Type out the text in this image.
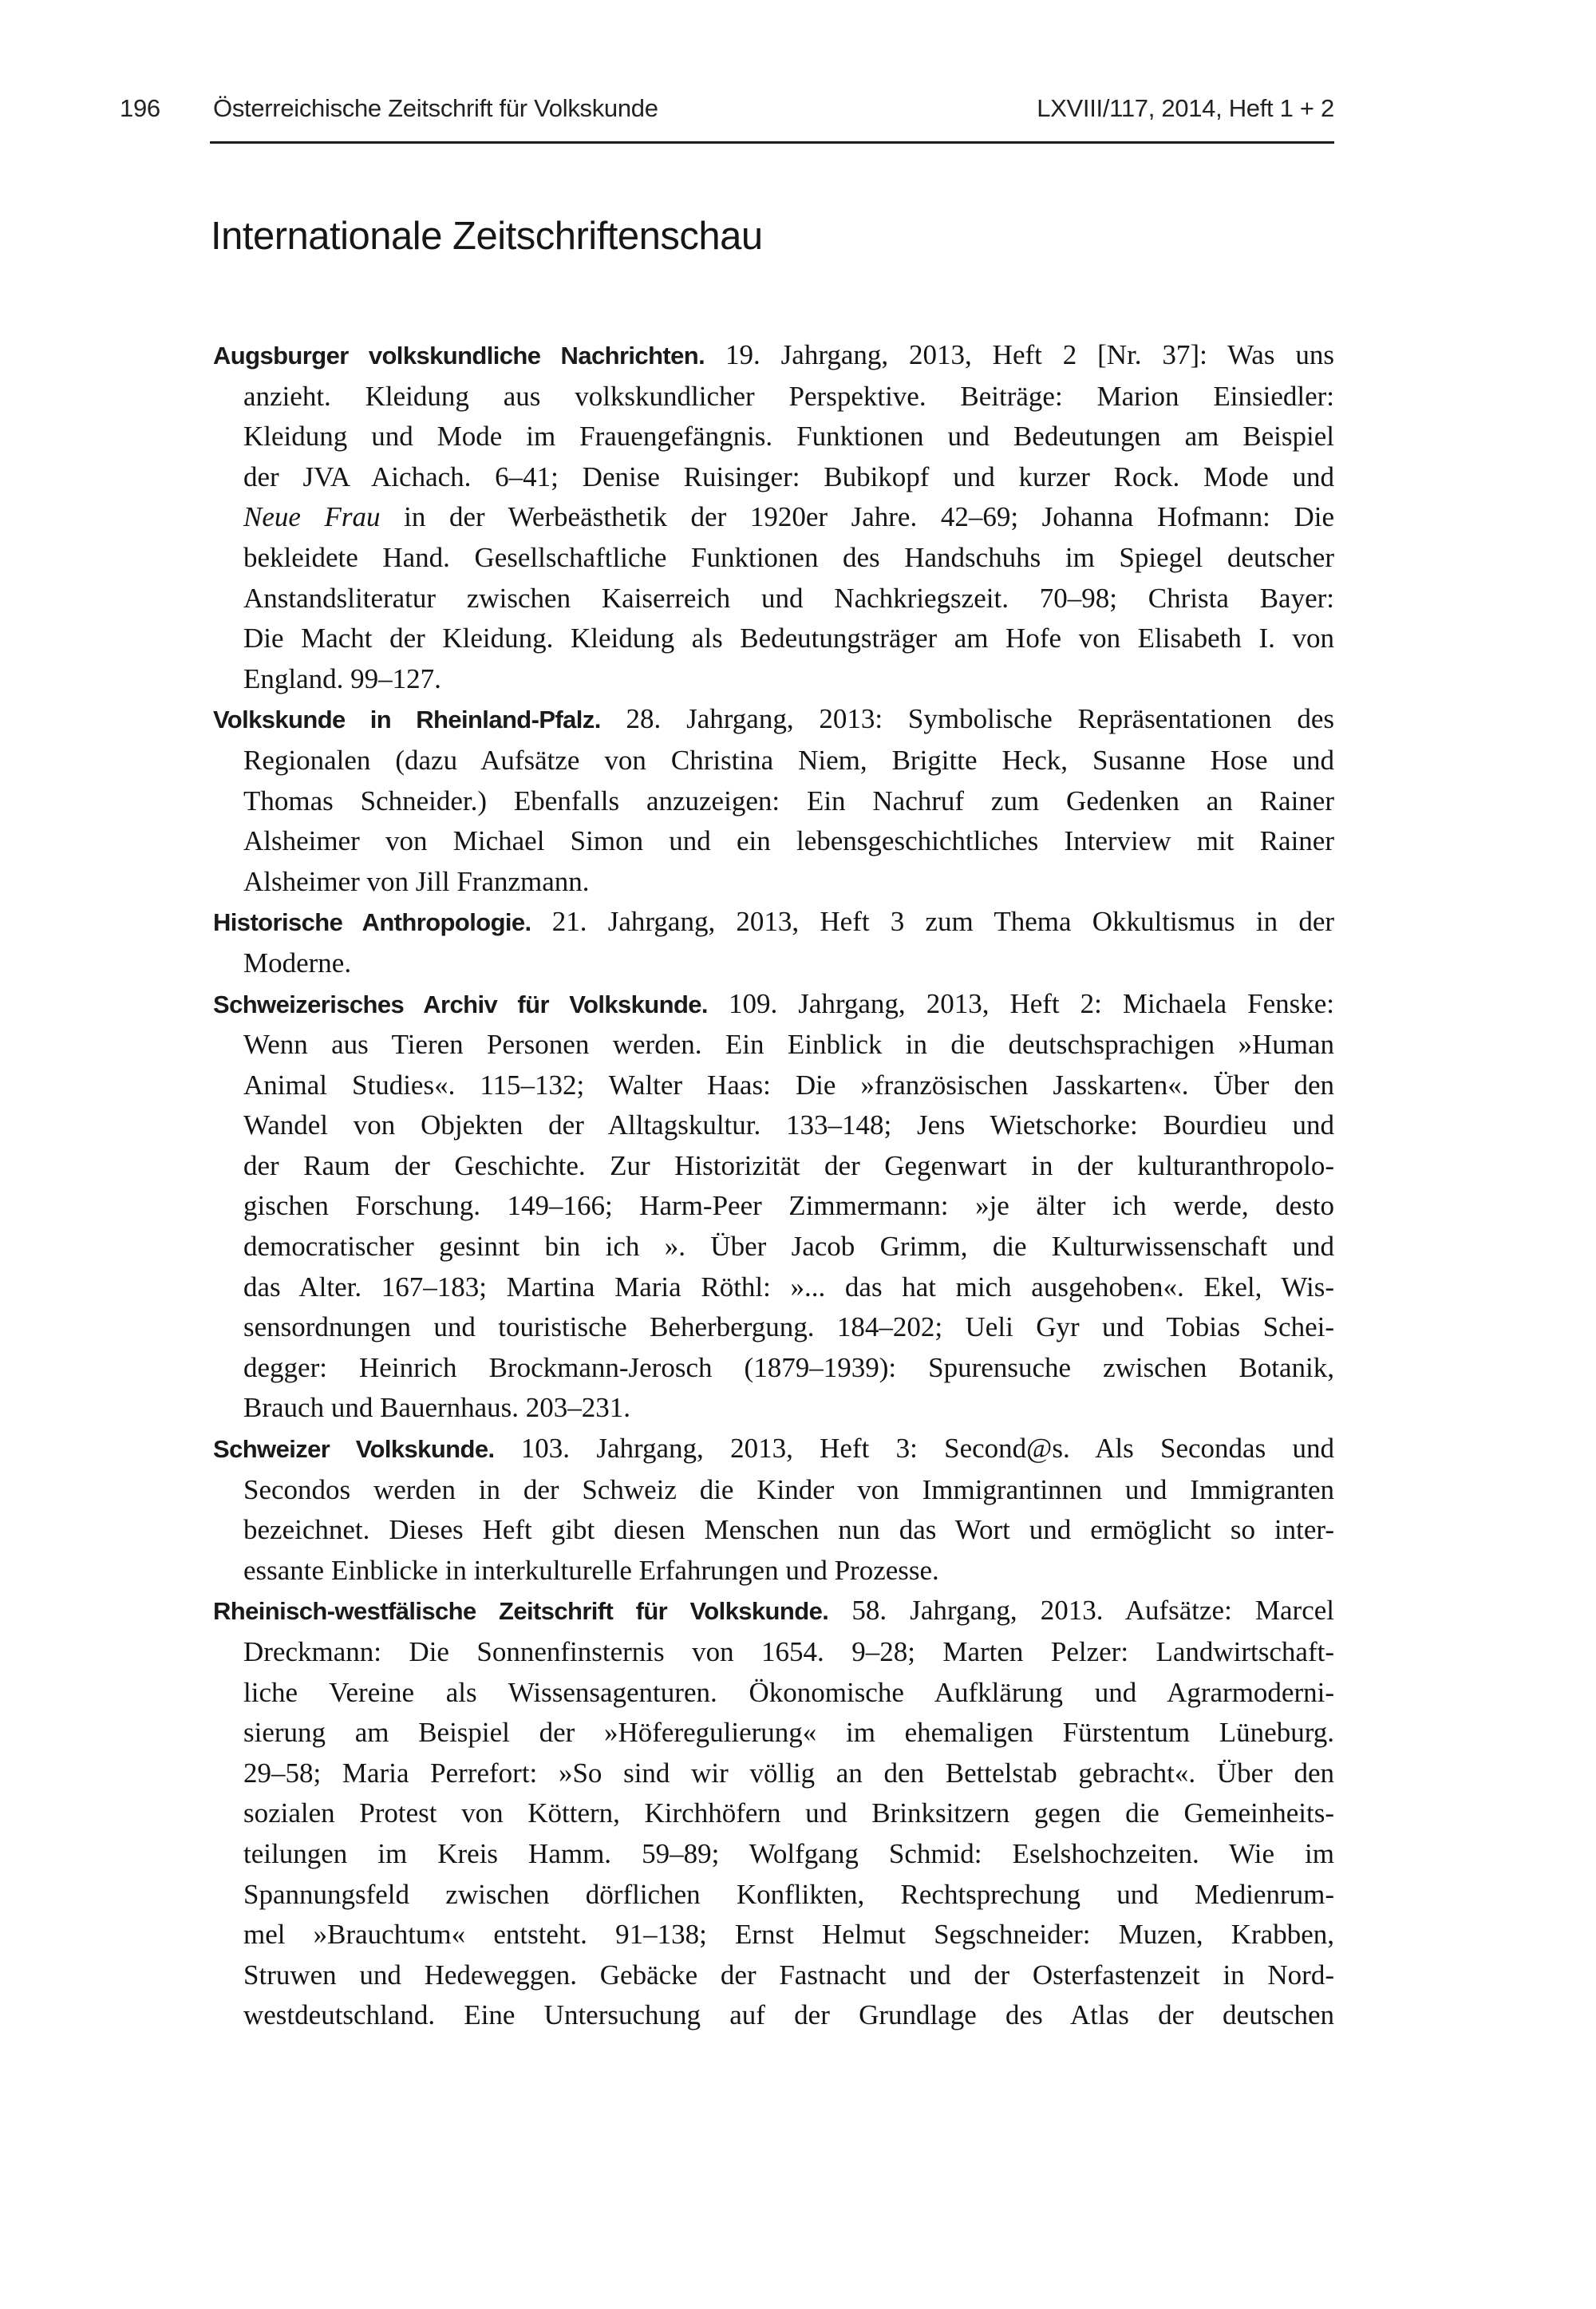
196 Österreichische Zeitschrift für Volkskunde	LXVIII/117, 2014, Heft 1 + 2
Internationale Zeitschriftenschau
Augsburger volkskundliche Nachrichten. 19. Jahrgang, 2013, Heft 2 [Nr. 37]: Was uns
anzieht. Kleidung aus volkskundlicher Perspektive. Beiträge: Marion Einsiedler:
Kleidung und Mode im Frauengefängnis. Funktionen und Bedeutungen am Beispiel
der JVA Aichach. 6–41; Denise Ruisinger: Bubikopf und kurzer Rock. Mode und
Neue Frau in der Werbeästhetik der 1920er Jahre. 42–69; Johanna Hofmann: Die
bekleidete Hand. Gesellschaftliche Funktionen des Handschuhs im Spiegel deutscher
Anstandsliteratur zwischen Kaiserreich und Nachkriegszeit. 70–98; Christa Bayer:
Die Macht der Kleidung. Kleidung als Bedeutungsträger am Hofe von Elisabeth I. von
England. 99–127.
Volkskunde in Rheinland-Pfalz. 28. Jahrgang, 2013: Symbolische Repräsentationen des
Regionalen (dazu Aufsätze von Christina Niem, Brigitte Heck, Susanne Hose und
Thomas Schneider.) Ebenfalls anzuzeigen: Ein Nachruf zum Gedenken an Rainer
Alsheimer von Michael Simon und ein lebensgeschichtliches Interview mit Rainer
Alsheimer von Jill Franzmann.
Historische Anthropologie. 21. Jahrgang, 2013, Heft 3 zum Thema Okkultismus in der
Moderne.
Schweizerisches Archiv für Volkskunde. 109. Jahrgang, 2013, Heft 2: Michaela Fenske:
Wenn aus Tieren Personen werden. Ein Einblick in die deutschsprachigen »Human
Animal Studies«. 115–132; Walter Haas: Die »französischen Jasskarten«. Über den
Wandel von Objekten der Alltagskultur. 133–148; Jens Wietschorke: Bourdieu und
der Raum der Geschichte. Zur Historizität der Gegenwart in der kulturanthropolo-
gischen Forschung. 149–166; Harm-Peer Zimmermann: »je älter ich werde, desto
democratischer gesinnt bin ich ». Über Jacob Grimm, die Kulturwissenschaft und
das Alter. 167–183; Martina Maria Röthl: »... das hat mich ausgehoben«. Ekel, Wis-
sensordnungen und touristische Beherbergung. 184–202; Ueli Gyr und Tobias Schei-
degger: Heinrich Brockmann-Jerosch (1879–1939): Spurensuche zwischen Botanik,
Brauch und Bauernhaus. 203–231.
Schweizer Volkskunde. 103. Jahrgang, 2013, Heft 3: Second@s. Als Secondas und
Secondos werden in der Schweiz die Kinder von Immigrantinnen und Immigranten
bezeichnet. Dieses Heft gibt diesen Menschen nun das Wort und ermöglicht so inter-
essante Einblicke in interkulturelle Erfahrungen und Prozesse.
Rheinisch-westfälische Zeitschrift für Volkskunde. 58. Jahrgang, 2013. Aufsätze: Marcel
Dreckmann: Die Sonnenfinsternis von 1654. 9–28; Marten Pelzer: Landwirtschaft-
liche Vereine als Wissensagenturen. Ökonomische Aufklärung und Agrarmoderni-
sierung am Beispiel der »Höferegulierung« im ehemaligen Fürstentum Lüneburg.
29–58; Maria Perrefort: »So sind wir völlig an den Bettelstab gebracht«. Über den
sozialen Protest von Köttern, Kirchhöfern und Brinksitzern gegen die Gemeinheits-
teilungen im Kreis Hamm. 59–89; Wolfgang Schmid: Eselshochzeiten. Wie im
Spannungsfeld zwischen dörflichen Konflikten, Rechtsprechung und Medienrum-
mel »Brauchtum« entsteht. 91–138; Ernst Helmut Segschneider: Muzen, Krabben,
Struwen und Hedeweggen. Gebäcke der Fastnacht und der Osterfastenzeit in Nord-
westdeutschland. Eine Untersuchung auf der Grundlage des Atlas der deutschen
